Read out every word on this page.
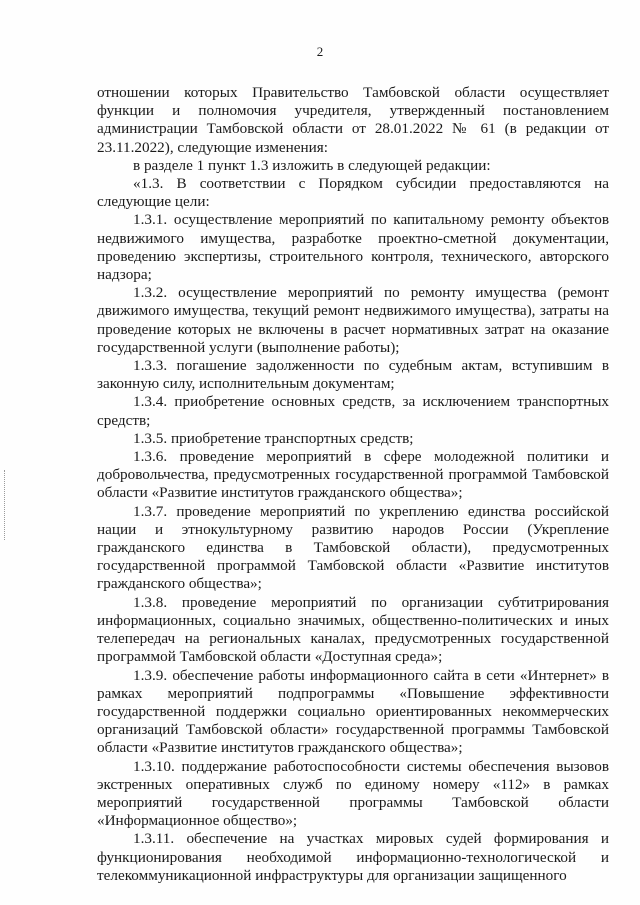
2

отношении которых Правительство Тамбовской области осуществляет функции и полномочия учредителя, утвержденный постановлением администрации Тамбовской области от 28.01.2022 № 61 (в редакции от 23.11.2022), следующие изменения:

в разделе 1 пункт 1.3 изложить в следующей редакции:

«1.3. В соответствии с Порядком субсидии предоставляются на следующие цели:

1.3.1. осуществление мероприятий по капитальному ремонту объектов недвижимого имущества, разработке проектно-сметной документации, проведению экспертизы, строительного контроля, технического, авторского надзора;

1.3.2. осуществление мероприятий по ремонту имущества (ремонт движимого имущества, текущий ремонт недвижимого имущества), затраты на проведение которых не включены в расчет нормативных затрат на оказание государственной услуги (выполнение работы);

1.3.3. погашение задолженности по судебным актам, вступившим в законную силу, исполнительным документам;

1.3.4. приобретение основных средств, за исключением транспортных средств;

1.3.5. приобретение транспортных средств;

1.3.6. проведение мероприятий в сфере молодежной политики и добровольчества, предусмотренных государственной программой Тамбовской области «Развитие институтов гражданского общества»;

1.3.7. проведение мероприятий по укреплению единства российской нации и этнокультурному развитию народов России (Укрепление гражданского единства в Тамбовской области), предусмотренных государственной программой Тамбовской области «Развитие институтов гражданского общества»;

1.3.8. проведение мероприятий по организации субтитрирования информационных, социально значимых, общественно-политических и иных телепередач на региональных каналах, предусмотренных государственной программой Тамбовской области «Доступная среда»;

1.3.9. обеспечение работы информационного сайта в сети «Интернет» в рамках мероприятий подпрограммы «Повышение эффективности государственной поддержки социально ориентированных некоммерческих организаций Тамбовской области» государственной программы Тамбовской области «Развитие институтов гражданского общества»;

1.3.10. поддержание работоспособности системы обеспечения вызовов экстренных оперативных служб по единому номеру «112» в рамках мероприятий государственной программы Тамбовской области «Информационное общество»;

1.3.11. обеспечение на участках мировых судей формирования и функционирования необходимой информационно-технологической и телекоммуникационной инфраструктуры для организации защищенного
